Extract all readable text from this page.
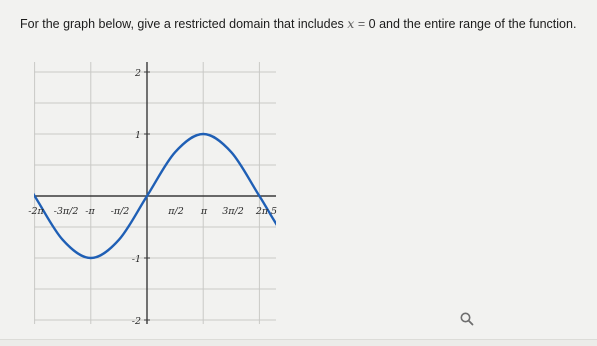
For the graph below, give a restricted domain that includes x = 0 and the entire range of the function.
-2π -3π/2 -π -π/2	π/2 π 3π/2 2π 5
2
1
-1
-2
